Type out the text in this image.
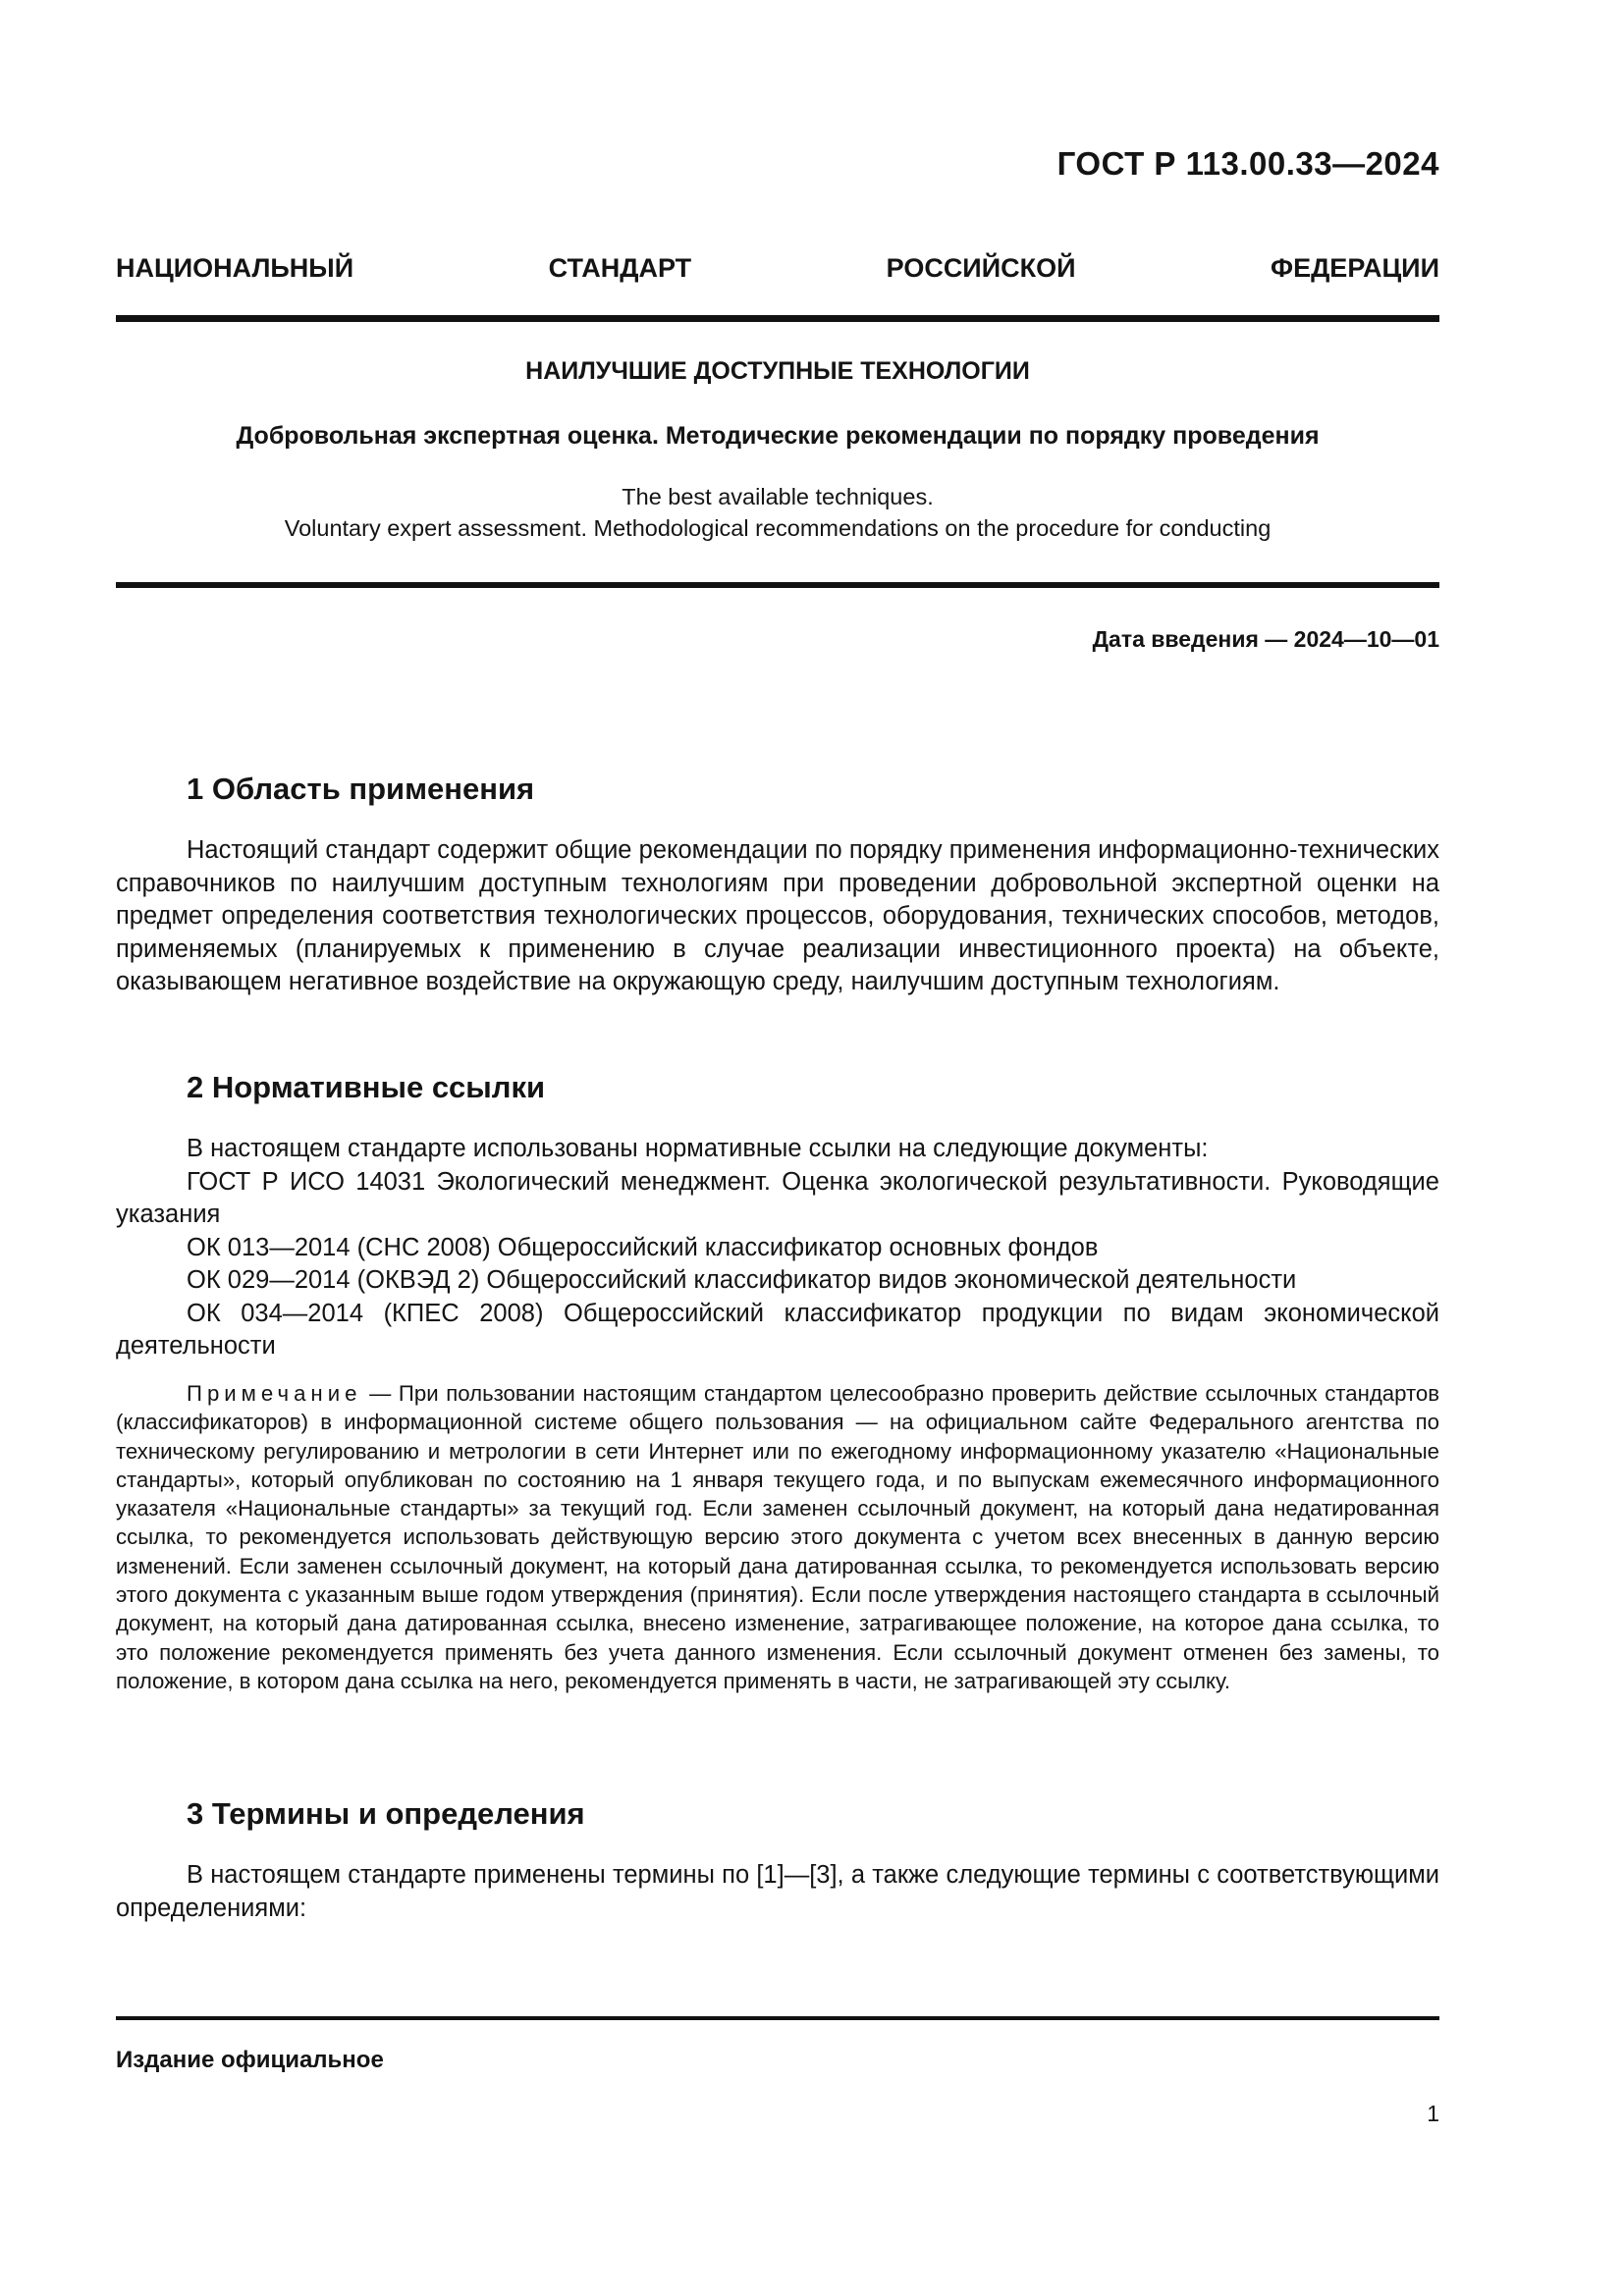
ГОСТ Р 113.00.33—2024
НАЦИОНАЛЬНЫЙ СТАНДАРТ РОССИЙСКОЙ ФЕДЕРАЦИИ
НАИЛУЧШИЕ ДОСТУПНЫЕ ТЕХНОЛОГИИ
Добровольная экспертная оценка. Методические рекомендации по порядку проведения
The best available techniques.
Voluntary expert assessment. Methodological recommendations on the procedure for conducting
Дата введения — 2024—10—01
1 Область применения

Настоящий стандарт содержит общие рекомендации по порядку применения информационно-технических справочников по наилучшим доступным технологиям при проведении добровольной экспертной оценки на предмет определения соответствия технологических процессов, оборудования, технических способов, методов, применяемых (планируемых к применению в случае реализации инвестиционного проекта) на объекте, оказывающем негативное воздействие на окружающую среду, наилучшим доступным технологиям.

2 Нормативные ссылки

В настоящем стандарте использованы нормативные ссылки на следующие документы:

ГОСТ Р ИСО 14031 Экологический менеджмент. Оценка экологической результативности. Руководящие указания

ОК 013—2014 (СНС 2008) Общероссийский классификатор основных фондов

ОК 029—2014 (ОКВЭД 2) Общероссийский классификатор видов экономической деятельности

ОК 034—2014 (КПЕС 2008) Общероссийский классификатор продукции по видам экономической деятельности

Примечание — При пользовании настоящим стандартом целесообразно проверить действие ссылочных стандартов (классификаторов) в информационной системе общего пользования — на официальном сайте Федерального агентства по техническому регулированию и метрологии в сети Интернет или по ежегодному информационному указателю «Национальные стандарты», который опубликован по состоянию на 1 января текущего года, и по выпускам ежемесячного информационного указателя «Национальные стандарты» за текущий год. Если заменен ссылочный документ, на который дана недатированная ссылка, то рекомендуется использовать действующую версию этого документа с учетом всех внесенных в данную версию изменений. Если заменен ссылочный документ, на который дана датированная ссылка, то рекомендуется использовать версию этого документа с указанным выше годом утверждения (принятия). Если после утверждения настоящего стандарта в ссылочный документ, на который дана датированная ссылка, внесено изменение, затрагивающее положение, на которое дана ссылка, то это положение рекомендуется применять без учета данного изменения. Если ссылочный документ отменен без замены, то положение, в котором дана ссылка на него, рекомендуется применять в части, не затрагивающей эту ссылку.

3 Термины и определения

В настоящем стандарте применены термины по [1]—[3], а также следующие термины с соответствующими определениями:

Издание официальное
1
